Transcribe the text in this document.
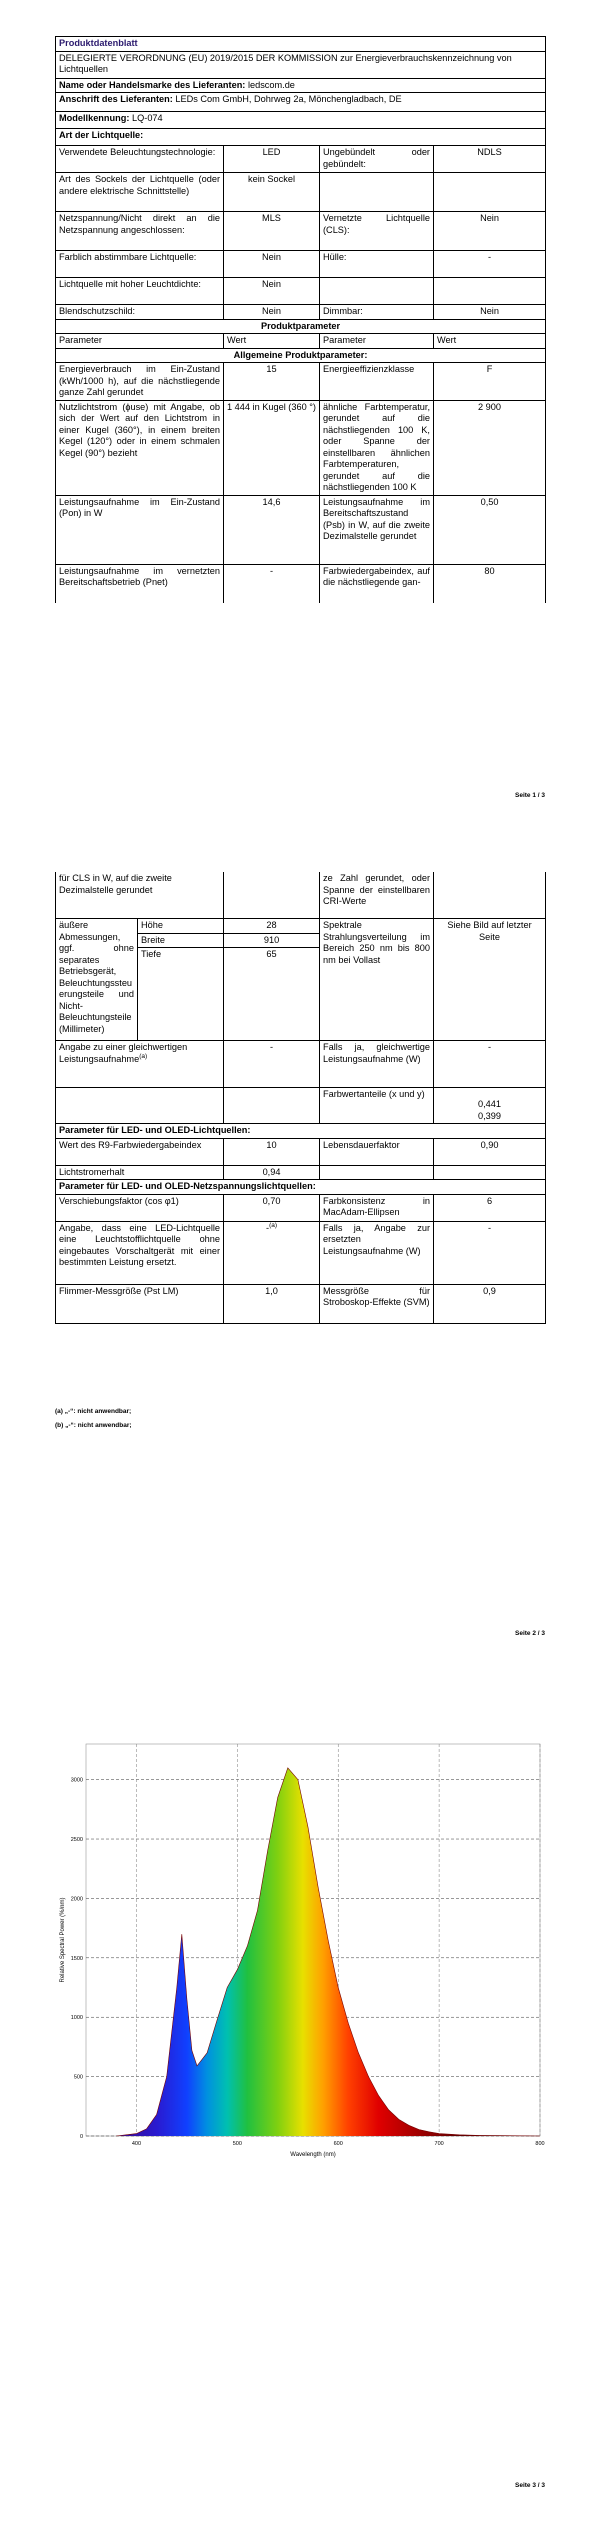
Produktdatenblatt			
DELEGIERTE VERORDNUNG (EU) 2019/2015 DER KOMMISSION zur Energieverbrauchskennzeichnung von Lichtquellen			
Name oder Handelsmarke des Lieferanten: ledscom.de			
Anschrift des Lieferanten: LEDs Com GmbH, Dohrweg 2a, Mönchengladbach, DE			
Modellkennung: LQ-074			
Art der Lichtquelle:			
Verwendete Beleuchtungstechnologie:	LED	Ungebündelt oder gebündelt:	NDLS
Art des Sockels der Lichtquelle (oder andere elektrische Schnittstelle)	kein Sockel		
Netzspannung/Nicht direkt an die Netzspannung angeschlossen:	MLS	Vernetzte Lichtquelle (CLS):	Nein
Farblich abstimmbare Lichtquelle:	Nein	Hülle:	-
Lichtquelle mit hoher Leuchtdichte:	Nein		
Blendschutzschild:	Nein	Dimmbar:	Nein
Produktparameter			
Parameter	Wert	Parameter	Wert
Allgemeine Produktparameter:			
Energieverbrauch im Ein-Zustand (kWh/1000 h), auf die nächstliegende ganze Zahl gerundet	15	Energieeffizienzklasse	F
Nutzlichtstrom (ɸuse) mit Angabe, ob sich der Wert auf den Lichtstrom in einer Kugel (360°), in einem breiten Kegel (120°) oder in einem schmalen Kegel (90°) bezieht	1 444 in Kugel (360 °)	ähnliche Farbtemperatur, gerundet auf die nächstliegenden 100 K, oder Spanne der einstellbaren ähnlichen Farbtemperaturen, gerundet auf die nächstliegenden 100 K	2 900
Leistungsaufnahme im Ein-Zustand (Pon) in W	14,6	Leistungsaufnahme im Bereitschaftszustand (Psb) in W, auf die zweite Dezimalstelle gerundet	0,50
Leistungsaufnahme im vernetzten Bereitschaftsbetrieb (Pnet)	-	Farbwiedergabeindex, auf die nächstliegende gan-	80
Seite 1 / 3
für CLS in W, auf die zweite Dezimalstelle gerundet			ze Zahl gerundet, oder Spanne der einstellbaren CRI-Werte	
äußere Abmessungen, ggf. ohne separates Betriebsgerät, Beleuchtungssteuerungsteile und Nicht-Beleuchtungsteile (Millimeter)	Höhe	28	Spektrale Strahlungsverteilung im Bereich 250 nm bis 800 nm bei Vollast	Siehe Bild auf letzter Seite
	Breite	910		
	Tiefe	65		
Angabe zu einer gleichwertigen Leistungsaufnahme$^{(a)}$		-	Falls ja, gleichwertige Leistungsaufnahme (W)	-
			Farbwertanteile (x und y)	0,441
0,399

Parameter für LED- und OLED-Lichtquellen:				
Wert des R9-Farbwiedergabeindex		10	Lebensdauerfaktor	0,90
Lichtstromerhalt		0,94		
Parameter für LED- und OLED-Netzspannungslichtquellen:				
Verschiebungsfaktor (cos φ1)		0,70	Farbkonsistenz in MacAdam-Ellipsen	6
Angabe, dass eine LED-Lichtquelle eine Leuchtstofflichtquelle ohne eingebautes Vorschaltgerät mit einer bestimmten Leistung ersetzt.		-$^{(a)}$	Falls ja, Angabe zur ersetzten Leistungsaufnahme (W)	-
Flimmer-Messgröße (Pst LM)		1,0	Messgröße für Stroboskop-Effekte (SVM)	0,9
(a) „-“: nicht anwendbar;
(b) „-“: nicht anwendbar;
Seite 2 / 3
400	500	600	700	800
0
500
1000
1500
2000
2500
3000
Wavelength (nm)
Relative Spectral Power (%/nm)
Seite 3 / 3
